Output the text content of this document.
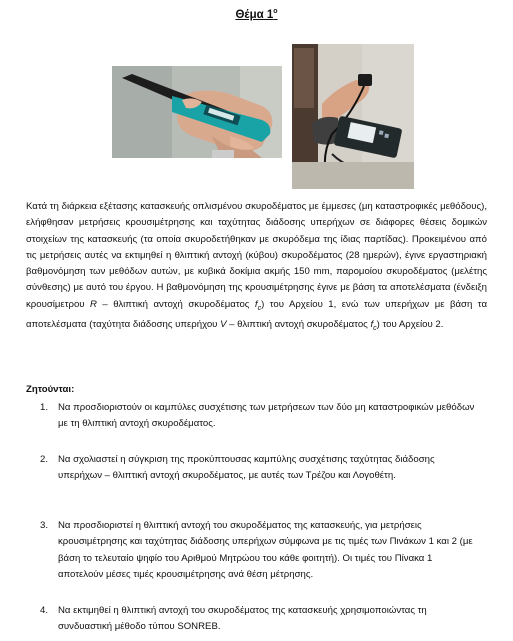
Θέμα $1^o$

Κατά τη διάρκεια εξέτασης κατασκευής οπλισμένου σκυροδέματος με έμμεσες (μη καταστροφικές μεθόδους), ελήφθησαν μετρήσεις κρουσιμέτρησης και ταχύτητας διάδοσης υπερήχων σε διάφορες θέσεις δομικών στοιχείων της κατασκευής (τα οποία σκυροδετήθηκαν με σκυρόδεμα της ίδιας παρτίδας). Προκειμένου από τις μετρήσεις αυτές να εκτιμηθεί η θλιπτική αντοχή (κύβου) σκυροδέματος (28 ημερών), έγινε εργαστηριακή βαθμονόμηση των μεθόδων αυτών, με κυβικά δοκίμια ακμής 150 mm, παρομοίου σκυροδέματος (μελέτης σύνθεσης) με αυτό του έργου. Η βαθμονόμηση της κρουσιμέτρησης έγινε με βάση τα αποτελέσματα (ένδειξη κρουσίμετρου R – θλιπτική αντοχή σκυροδέματος $f_c$) του Αρχείου 1, ενώ των υπερήχων με βάση τα αποτελέσματα (ταχύτητα διάδοσης υπερήχου V – θλιπτική αντοχή σκυροδέματος $f_c$) του Αρχείου 2.

Ζητούνται:
1.	Να προσδιοριστούν οι καμπύλες συσχέτισης των μετρήσεων των δύο μη καταστροφικών μεθόδων με τη θλιπτική αντοχή σκυροδέματος.
2.	Να σχολιαστεί η σύγκριση της προκύπτουσας καμπύλης συσχέτισης ταχύτητας διάδοσης υπερήχων – θλιπτική αντοχή σκυροδέματος, με αυτές των Τρέζου και Λογοθέτη.
3.	Να προσδιοριστεί η θλιπτική αντοχή του σκυροδέματος της κατασκευής, για μετρήσεις κρουσιμέτρησης και ταχύτητας διάδοσης υπερήχων σύμφωνα με τις τιμές των Πινάκων 1 και 2 (με βάση το τελευταίο ψηφίο του Αριθμού Μητρώου του κάθε φοιτητή). Οι τιμές του Πίνακα 1 αποτελούν μέσες τιμές κρουσιμέτρησης ανά θέση μέτρησης.
4.	Να εκτιμηθεί η θλιπτική αντοχή του σκυροδέματος της κατασκευής χρησιμοποιώντας τη συνδυαστική μέθοδο τύπου SONREB.
